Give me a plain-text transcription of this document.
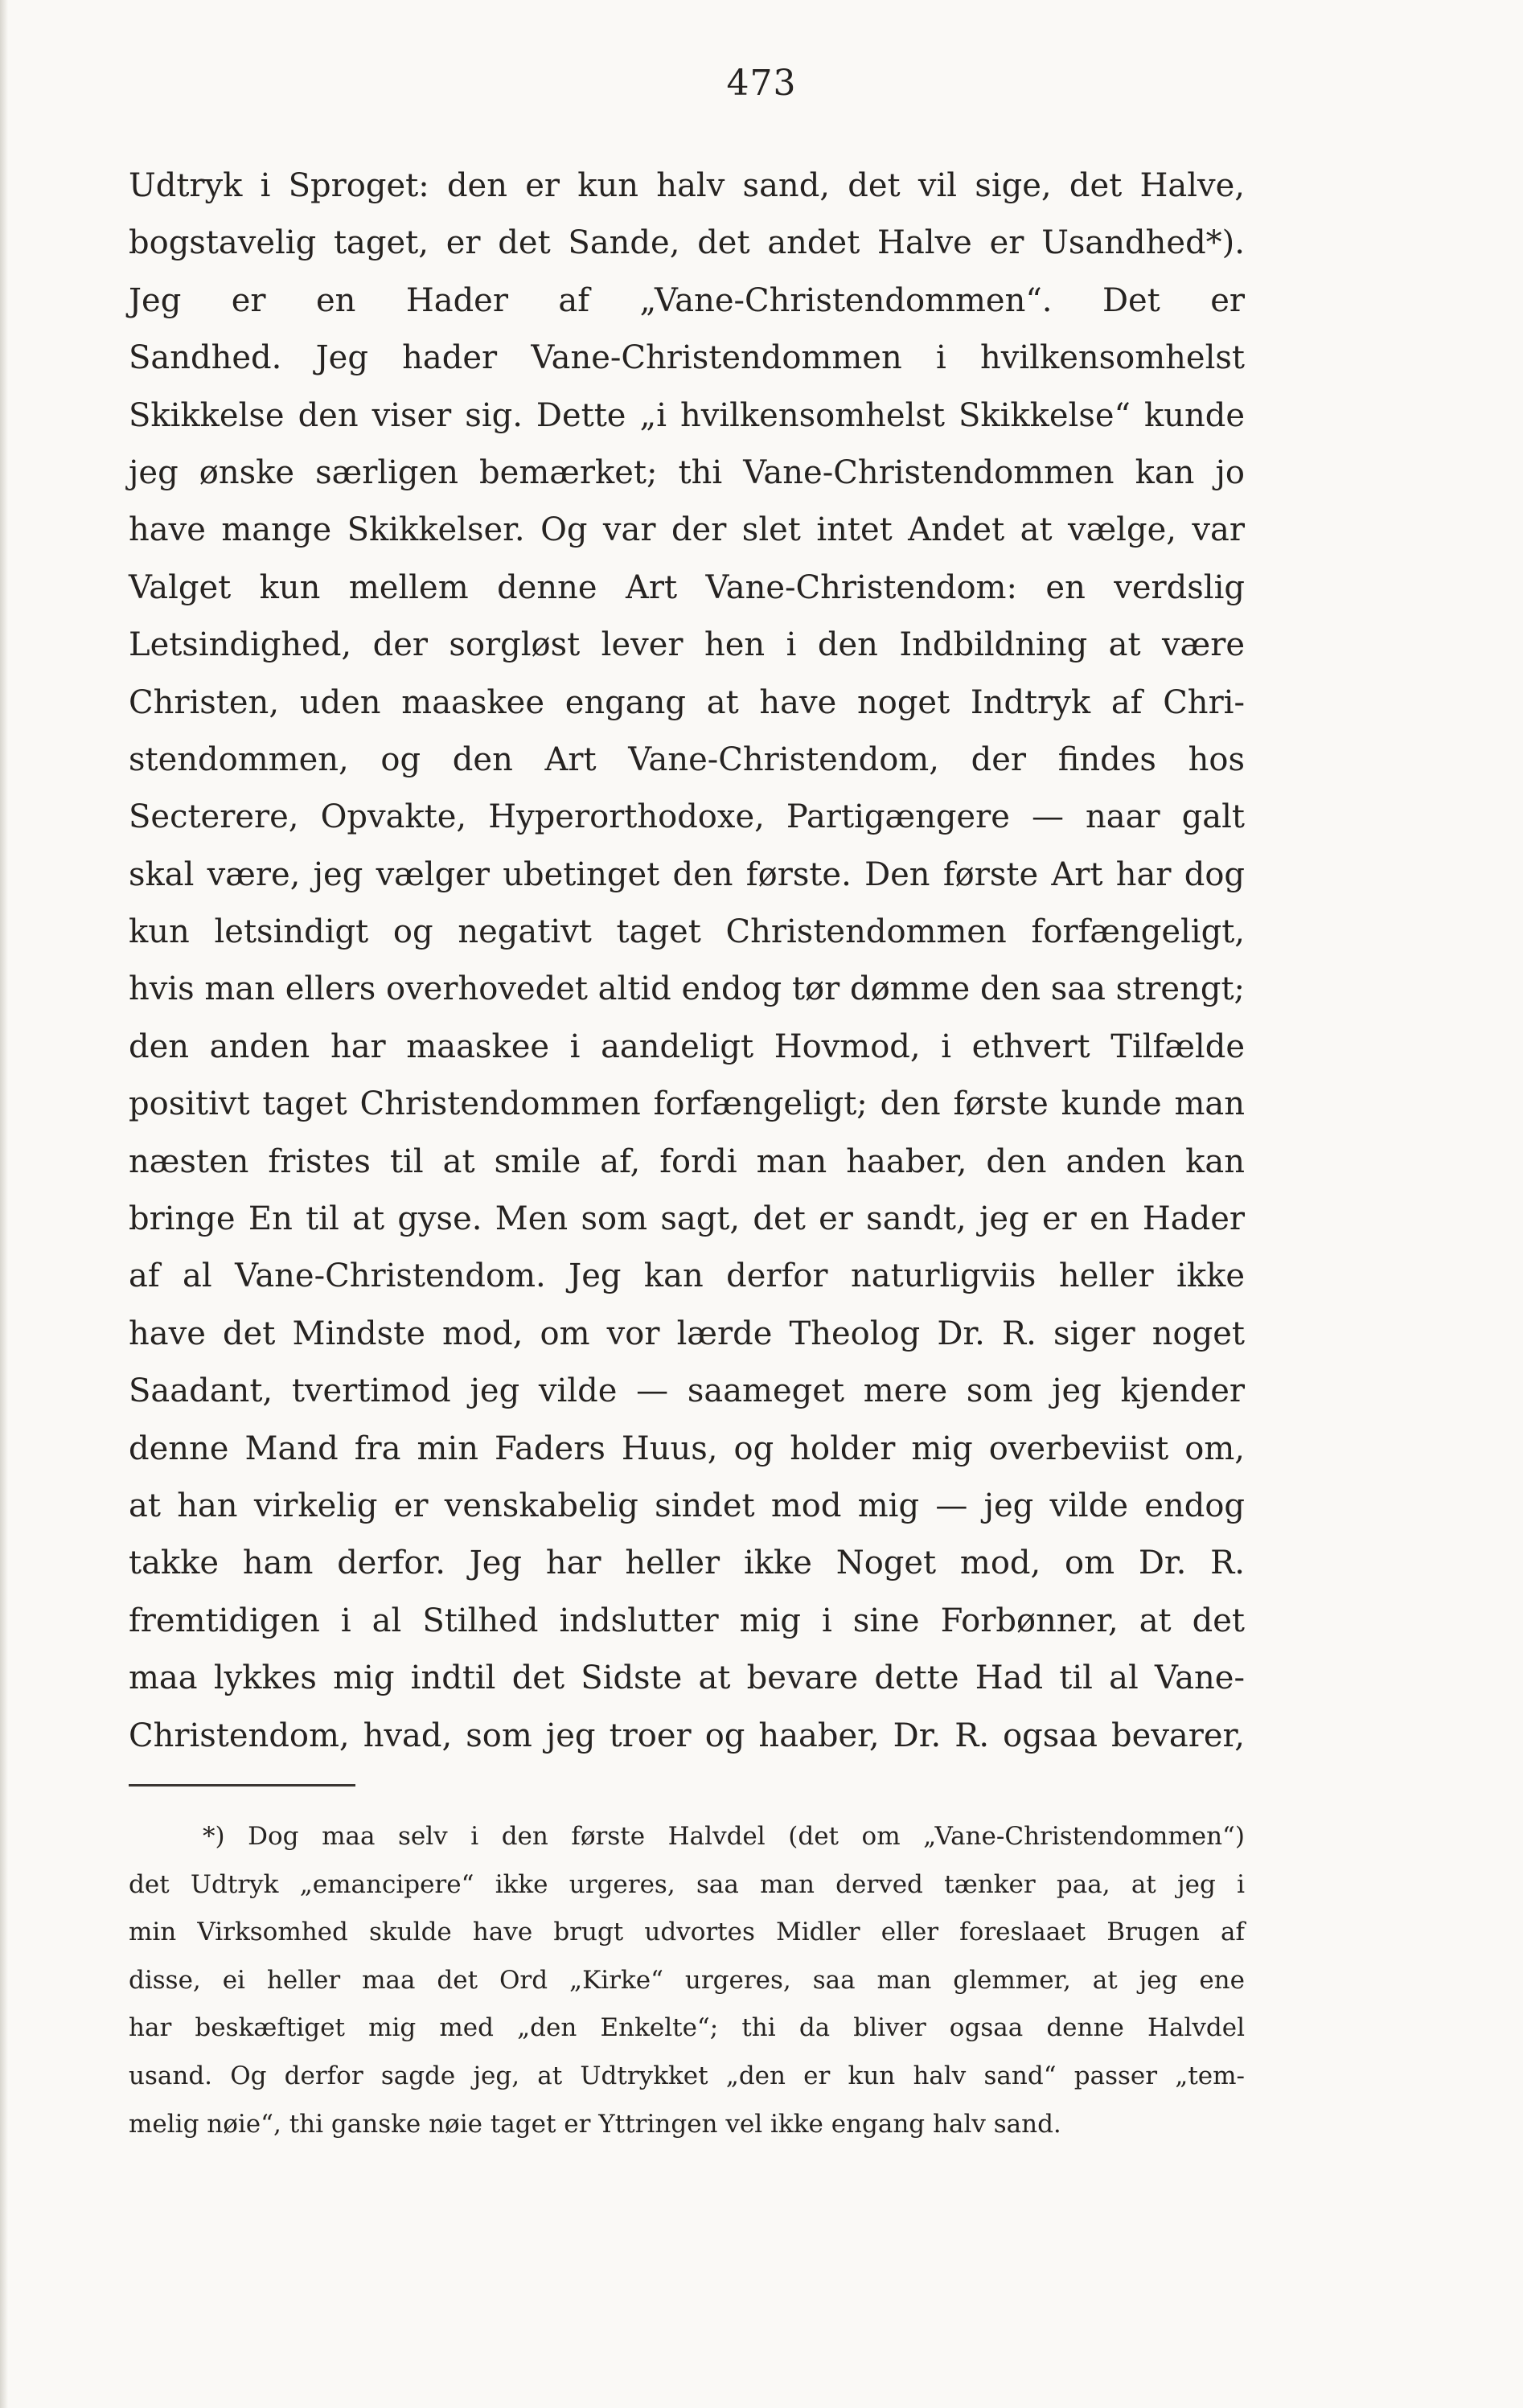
473
Udtryk i Sproget: den er kun halv sand, det vil sige, det Halve,
bogstavelig taget, er det Sande, det andet Halve er Usandhed*).
Jeg er en Hader af „Vane-Christendommen“. Det er
Sandhed. Jeg hader Vane-Christendommen i hvilkensomhelst
Skikkelse den viser sig. Dette „i hvilkensomhelst Skikkelse“ kunde
jeg ønske særligen bemærket; thi Vane-Christendommen kan jo
have mange Skikkelser. Og var der slet intet Andet at vælge, var
Valget kun mellem denne Art Vane-Christendom: en verdslig
Letsindighed, der sorgløst lever hen i den Indbildning at være
Christen, uden maaskee engang at have noget Indtryk af Chri-
stendommen, og den Art Vane-Christendom, der findes hos
Secterere, Opvakte, Hyperorthodoxe, Partigængere — naar galt
skal være, jeg vælger ubetinget den første. Den første Art har dog
kun letsindigt og negativt taget Christendommen forfængeligt,
hvis man ellers overhovedet altid endog tør dømme den saa strengt;
den anden har maaskee i aandeligt Hovmod, i ethvert Tilfælde
positivt taget Christendommen forfængeligt; den første kunde man
næsten fristes til at smile af, fordi man haaber, den anden kan
bringe En til at gyse. Men som sagt, det er sandt, jeg er en Hader
af al Vane-Christendom. Jeg kan derfor naturligviis heller ikke
have det Mindste mod, om vor lærde Theolog Dr. R. siger noget
Saadant, tvertimod jeg vilde — saameget mere som jeg kjender
denne Mand fra min Faders Huus, og holder mig overbeviist om,
at han virkelig er venskabelig sindet mod mig — jeg vilde endog
takke ham derfor. Jeg har heller ikke Noget mod, om Dr. R.
fremtidigen i al Stilhed indslutter mig i sine Forbønner, at det
maa lykkes mig indtil det Sidste at bevare dette Had til al Vane-
Christendom, hvad, som jeg troer og haaber, Dr. R. ogsaa bevarer,
*) Dog maa selv i den første Halvdel (det om „Vane-Christendommen“)
det Udtryk „emancipere“ ikke urgeres, saa man derved tænker paa, at jeg i
min Virksomhed skulde have brugt udvortes Midler eller foreslaaet Brugen af
disse, ei heller maa det Ord „Kirke“ urgeres, saa man glemmer, at jeg ene
har beskæftiget mig med „den Enkelte“; thi da bliver ogsaa denne Halvdel
usand. Og derfor sagde jeg, at Udtrykket „den er kun halv sand“ passer „tem-
melig nøie“, thi ganske nøie taget er Yttringen vel ikke engang halv sand.
